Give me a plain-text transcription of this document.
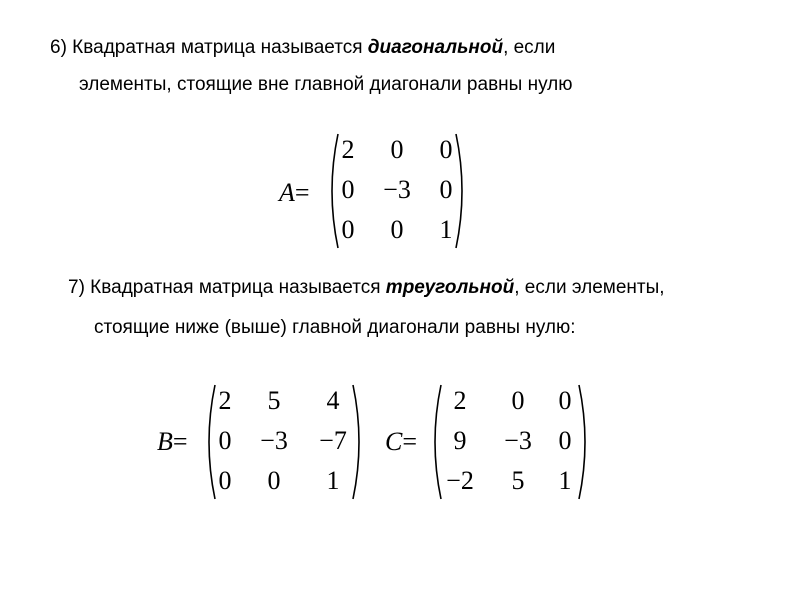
6) Квадратная матрица называется диагональной, если
элементы, стоящие вне главной диагонали равны нулю
A=
2	0	0
0	−3	0
0	0	1
7) Квадратная матрица называется треугольной, если элементы,
стоящие ниже (выше) главной диагонали равны нулю:
B=
2	5	4
0	−3	−7
0	0	1
C=
2	0	0
9	−3	0
−2	5	1
